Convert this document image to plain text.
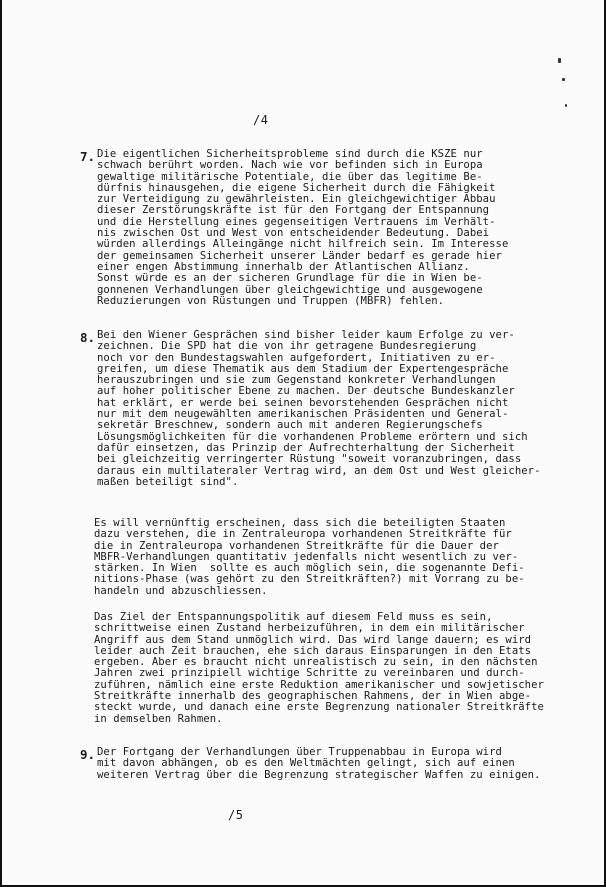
/4
7. Die eigentlichen Sicherheitsprobleme sind durch die KSZE nur
schwach berührt worden. Nach wie vor befinden sich in Europa
gewaltige militärische Potentiale, die über das legitime Be-
dürfnis hinausgehen, die eigene Sicherheit durch die Fähigkeit
zur Verteidigung zu gewährleisten. Ein gleichgewichtiger Abbau
dieser Zerstörungskräfte ist für den Fortgang der Entspannung
und die Herstellung eines gegenseitigen Vertrauens im Verhält-
nis zwischen Ost und West von entscheidender Bedeutung. Dabei
würden allerdings Alleingänge nicht hilfreich sein. Im Interesse
der gemeinsamen Sicherheit unserer Länder bedarf es gerade hier
einer engen Abstimmung innerhalb der Atlantischen Allianz.
Sonst würde es an der sicheren Grundlage für die in Wien be-
gonnenen Verhandlungen über gleichgewichtige und ausgewogene
Reduzierungen von Rüstungen und Truppen (MBFR) fehlen.

8. Bei den Wiener Gesprächen sind bisher leider kaum Erfolge zu ver-
zeichnen. Die SPD hat die von ihr getragene Bundesregierung
noch vor den Bundestagswahlen aufgefordert, Initiativen zu er-
greifen, um diese Thematik aus dem Stadium der Expertengespräche
herauszubringen und sie zum Gegenstand konkreter Verhandlungen
auf hoher politischer Ebene zu machen. Der deutsche Bundeskanzler
hat erklärt, er werde bei seinen bevorstehenden Gesprächen nicht
nur mit dem neugewählten amerikanischen Präsidenten und General-
sekretär Breschnew, sondern auch mit anderen Regierungschefs
Lösungsmöglichkeiten für die vorhandenen Probleme erörtern und sich
dafür einsetzen, das Prinzip der Aufrechterhaltung der Sicherheit
bei gleichzeitig verringerter Rüstung "soweit voranzubringen, dass
daraus ein multilateraler Vertrag wird, an dem Ost und West gleicher-
maßen beteiligt sind".

Es will vernünftig erscheinen, dass sich die beteiligten Staaten
dazu verstehen, die in Zentraleuropa vorhandenen Streitkräfte für
die in Zentraleuropa vorhandenen Streitkräfte für die Dauer der
MBFR-Verhandlungen quantitativ jedenfalls nicht wesentlich zu ver-
stärken. In Wien  sollte es auch möglich sein, die sogenannte Defi-
nitions-Phase (was gehört zu den Streitkräften?) mit Vorrang zu be-
handeln und abzuschliessen.

Das Ziel der Entspannungspolitik auf diesem Feld muss es sein,
schrittweise einen Zustand herbeizuführen, in dem ein militärischer
Angriff aus dem Stand unmöglich wird. Das wird lange dauern; es wird
leider auch Zeit brauchen, ehe sich daraus Einsparungen in den Etats
ergeben. Aber es braucht nicht unrealistisch zu sein, in den nächsten
Jahren zwei prinzipiell wichtige Schritte zu vereinbaren und durch-
zuführen, nämlich eine erste Reduktion amerikanischer und sowjetischer
Streitkräfte innerhalb des geographischen Rahmens, der in Wien abge-
steckt wurde, und danach eine erste Begrenzung nationaler Streitkräfte
in demselben Rahmen.

9. Der Fortgang der Verhandlungen über Truppenabbau in Europa wird
mit davon abhängen, ob es den Weltmächten gelingt, sich auf einen
weiteren Vertrag über die Begrenzung strategischer Waffen zu einigen.

/5
